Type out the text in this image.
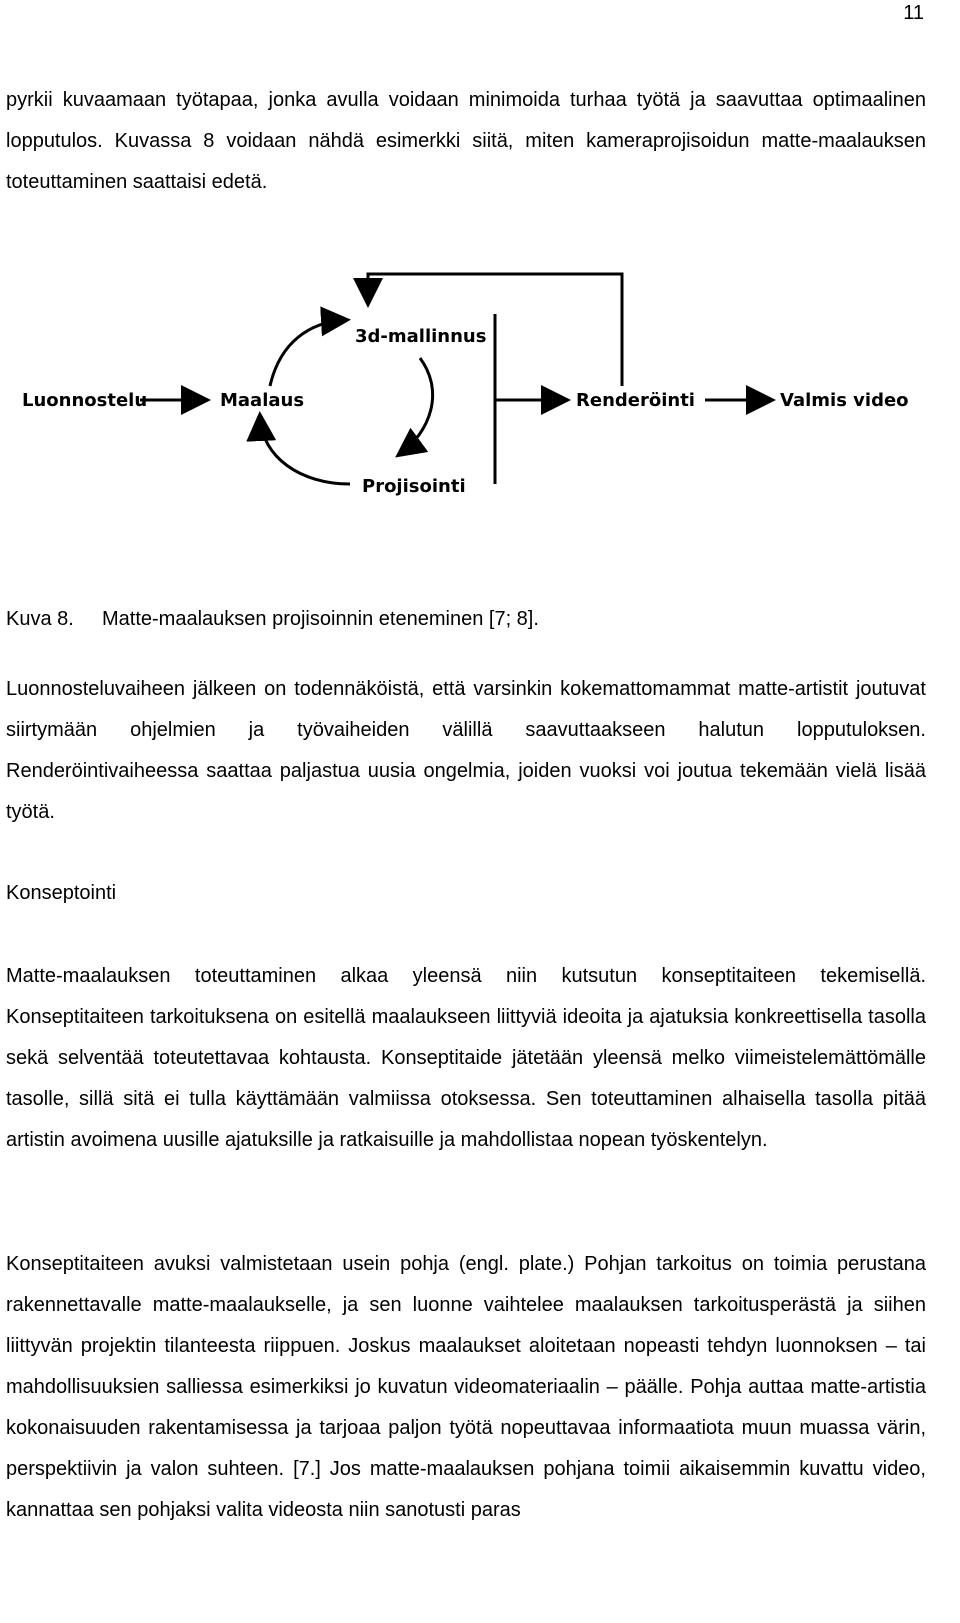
11

pyrkii kuvaamaan työtapaa, jonka avulla voidaan minimoida turhaa työtä ja saavuttaa optimaalinen lopputulos. Kuvassa 8 voidaan nähdä esimerkki siitä, miten kameraprojisoidun matte-maalauksen toteuttaminen saattaisi edetä.

Luonnostelu	Maalaus
3d-mallinnus
Projisointi
Renderöinti	Valmis video

Kuva 8. Matte-maalauksen projisoinnin eteneminen [7; 8].

Luonnosteluvaiheen jälkeen on todennäköistä, että varsinkin kokemattomammat matte-artistit joutuvat siirtymään ohjelmien ja työvaiheiden välillä saavuttaakseen halutun lopputuloksen. Renderöintivaiheessa saattaa paljastua uusia ongelmia, joiden vuoksi voi joutua tekemään vielä lisää työtä.

Konseptointi

Matte-maalauksen toteuttaminen alkaa yleensä niin kutsutun konseptitaiteen tekemisellä. Konseptitaiteen tarkoituksena on esitellä maalaukseen liittyviä ideoita ja ajatuksia konkreettisella tasolla sekä selventää toteutettavaa kohtausta. Konseptitaide jätetään yleensä melko viimeistelemättömälle tasolle, sillä sitä ei tulla käyttämään valmiissa otoksessa. Sen toteuttaminen alhaisella tasolla pitää artistin avoimena uusille ajatuksille ja ratkaisuille ja mahdollistaa nopean työskentelyn.

Konseptitaiteen avuksi valmistetaan usein pohja (engl. plate.) Pohjan tarkoitus on toimia perustana rakennettavalle matte-maalaukselle, ja sen luonne vaihtelee maalauksen tarkoitusperästä ja siihen liittyvän projektin tilanteesta riippuen. Joskus maalaukset aloitetaan nopeasti tehdyn luonnoksen – tai mahdollisuuksien salliessa esimerkiksi jo kuvatun videomateriaalin – päälle. Pohja auttaa matte-artistia kokonaisuuden rakentamisessa ja tarjoaa paljon työtä nopeuttavaa informaatiota muun muassa värin, perspektiivin ja valon suhteen. [7.] Jos matte-maalauksen pohjana toimii aikaisemmin kuvattu video, kannattaa sen pohjaksi valita videosta niin sanotusti paras
